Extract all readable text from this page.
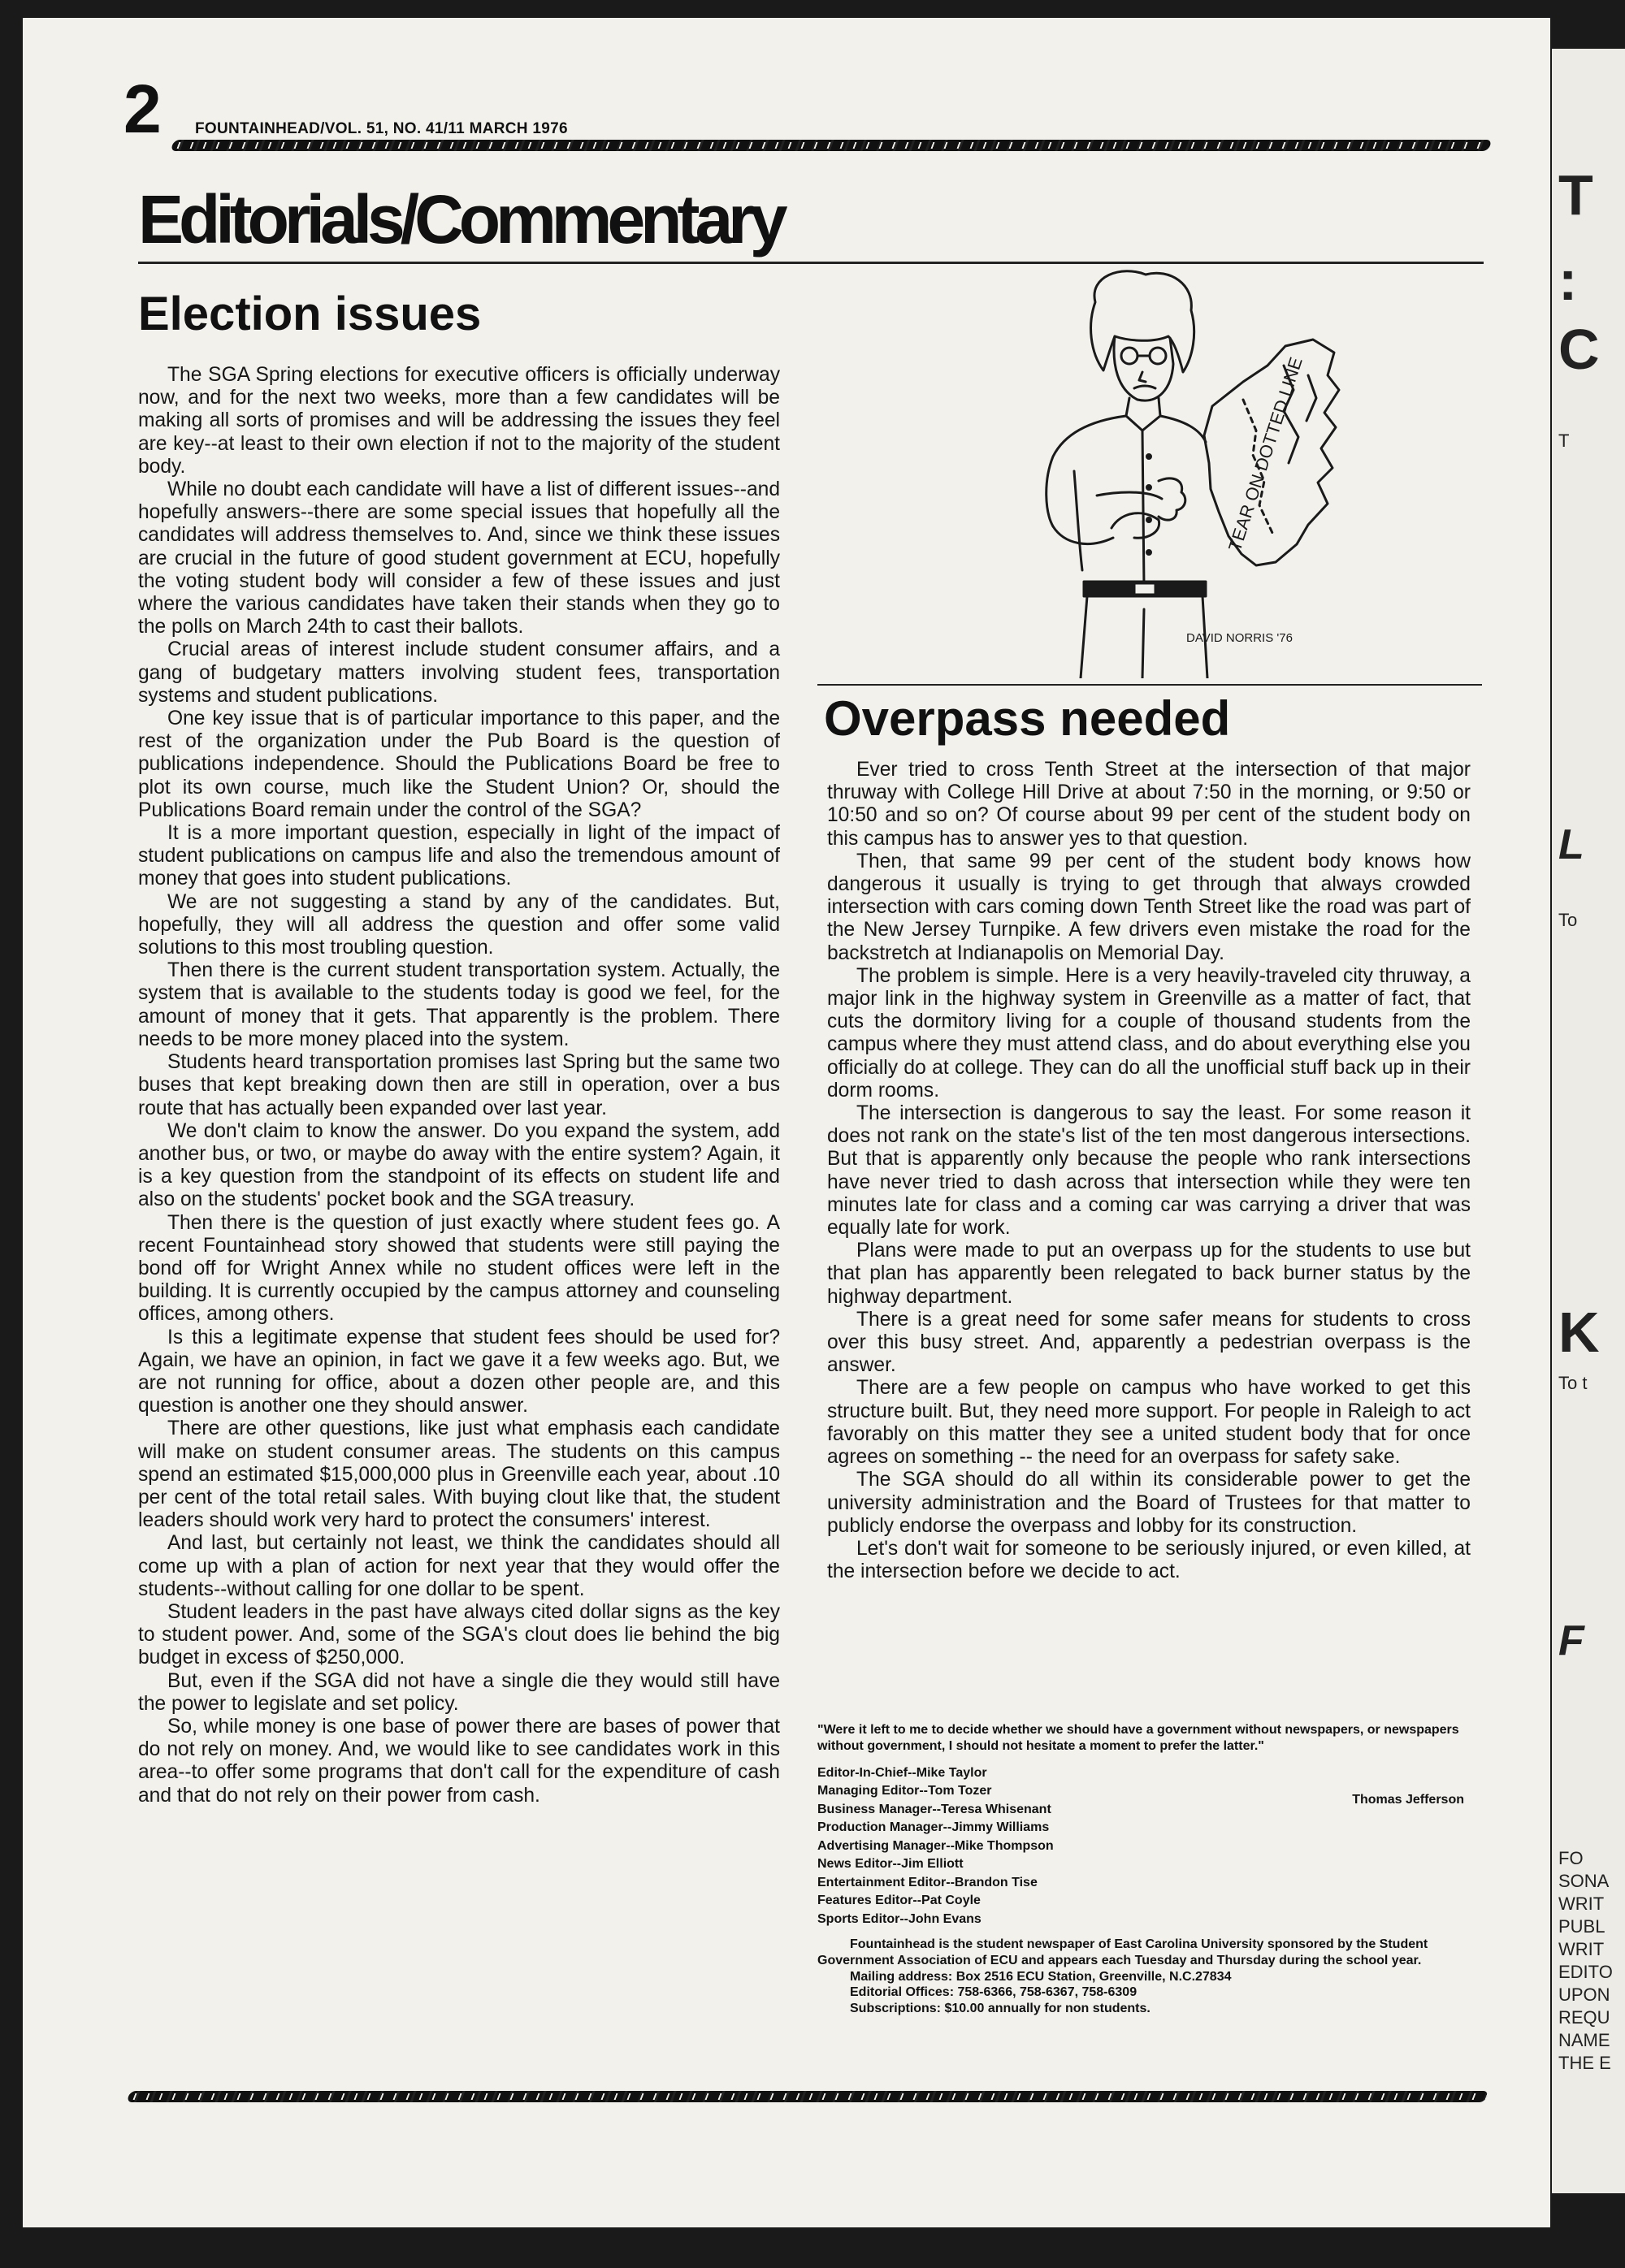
T
:
C
T
L
To
K
To t
F
FO
SONA
WRIT
PUBL
WRIT
EDITO
UPON
REQU
NAME
THE E
2 FOUNTAINHEAD/VOL. 51, NO. 41/11 MARCH 1976
Editorials/Commentary
Election issues

The SGA Spring elections for executive officers is officially underway now, and for the next two weeks, more than a few candidates will be making all sorts of promises and will be addressing the issues they feel are key--at least to their own election if not to the majority of the student body.

While no doubt each candidate will have a list of different issues--and hopefully answers--there are some special issues that hopefully all the candidates will address themselves to. And, since we think these issues are crucial in the future of good student government at ECU, hopefully the voting student body will consider a few of these issues and just where the various candidates have taken their stands when they go to the polls on March 24th to cast their ballots.

Crucial areas of interest include student consumer affairs, and a gang of budgetary matters involving student fees, transportation systems and student publications.

One key issue that is of particular importance to this paper, and the rest of the organization under the Pub Board is the question of publications independence. Should the Publications Board be free to plot its own course, much like the Student Union? Or, should the Publications Board remain under the control of the SGA?

It is a more important question, especially in light of the impact of student publications on campus life and also the tremendous amount of money that goes into student publications.

We are not suggesting a stand by any of the candidates. But, hopefully, they will all address the question and offer some valid solutions to this most troubling question.

Then there is the current student transportation system. Actually, the system that is available to the students today is good we feel, for the amount of money that it gets. That apparently is the problem. There needs to be more money placed into the system.

Students heard transportation promises last Spring but the same two buses that kept breaking down then are still in operation, over a bus route that has actually been expanded over last year.

We don't claim to know the answer. Do you expand the system, add another bus, or two, or maybe do away with the entire system? Again, it is a key question from the standpoint of its effects on student life and also on the students' pocket book and the SGA treasury.

Then there is the question of just exactly where student fees go. A recent Fountainhead story showed that students were still paying the bond off for Wright Annex while no student offices were left in the building. It is currently occupied by the campus attorney and counseling offices, among others.

Is this a legitimate expense that student fees should be used for? Again, we have an opinion, in fact we gave it a few weeks ago. But, we are not running for office, about a dozen other people are, and this question is another one they should answer.

There are other questions, like just what emphasis each candidate will make on student consumer areas. The students on this campus spend an estimated $15,000,000 plus in Greenville each year, about .10 per cent of the total retail sales. With buying clout like that, the student leaders should work very hard to protect the consumers' interest.

And last, but certainly not least, we think the candidates should all come up with a plan of action for next year that they would offer the students--without calling for one dollar to be spent.

Student leaders in the past have always cited dollar signs as the key to student power. And, some of the SGA's clout does lie behind the big budget in excess of $250,000.

But, even if the SGA did not have a single die they would still have the power to legislate and set policy.

So, while money is one base of power there are bases of power that do not rely on money. And, we would like to see candidates work in this area--to offer some programs that don't call for the expenditure of cash and that do not rely on their power from cash.

TEAR ON DOTTED LINE
DAVID NORRIS '76
Overpass needed

Ever tried to cross Tenth Street at the intersection of that major thruway with College Hill Drive at about 7:50 in the morning, or 9:50 or 10:50 and so on? Of course about 99 per cent of the student body on this campus has to answer yes to that question.

Then, that same 99 per cent of the student body knows how dangerous it usually is trying to get through that always crowded intersection with cars coming down Tenth Street like the road was part of the New Jersey Turnpike. A few drivers even mistake the road for the backstretch at Indianapolis on Memorial Day.

The problem is simple. Here is a very heavily-traveled city thruway, a major link in the highway system in Greenville as a matter of fact, that cuts the dormitory living for a couple of thousand students from the campus where they must attend class, and do about everything else you officially do at college. They can do all the unofficial stuff back up in their dorm rooms.

The intersection is dangerous to say the least. For some reason it does not rank on the state's list of the ten most dangerous intersections. But that is apparently only because the people who rank intersections have never tried to dash across that intersection while they were ten minutes late for class and a coming car was carrying a driver that was equally late for work.

Plans were made to put an overpass up for the students to use but that plan has apparently been relegated to back burner status by the highway department.

There is a great need for some safer means for students to cross over this busy street. And, apparently a pedestrian overpass is the answer.

There are a few people on campus who have worked to get this structure built. But, they need more support. For people in Raleigh to act favorably on this matter they see a united student body that for once agrees on something -- the need for an overpass for safety sake.

The SGA should do all within its considerable power to get the university administration and the Board of Trustees for that matter to publicly endorse the overpass and lobby for its construction.

Let's don't wait for someone to be seriously injured, or even killed, at the intersection before we decide to act.

"Were it left to me to decide whether we should have a government without newspapers, or newspapers without government, I should not hesitate a moment to prefer the latter."
Thomas Jefferson
Editor-In-Chief--Mike Taylor
Managing Editor--Tom Tozer
Business Manager--Teresa Whisenant
Production Manager--Jimmy Williams
Advertising Manager--Mike Thompson
News Editor--Jim Elliott
Entertainment Editor--Brandon Tise
Features Editor--Pat Coyle
Sports Editor--John Evans
Fountainhead is the student newspaper of East Carolina University sponsored by the Student Government Association of ECU and appears each Tuesday and Thursday during the school year.
Mailing address: Box 2516 ECU Station, Greenville, N.C.27834
Editorial Offices: 758-6366, 758-6367, 758-6309
Subscriptions: $10.00 annually for non students.
